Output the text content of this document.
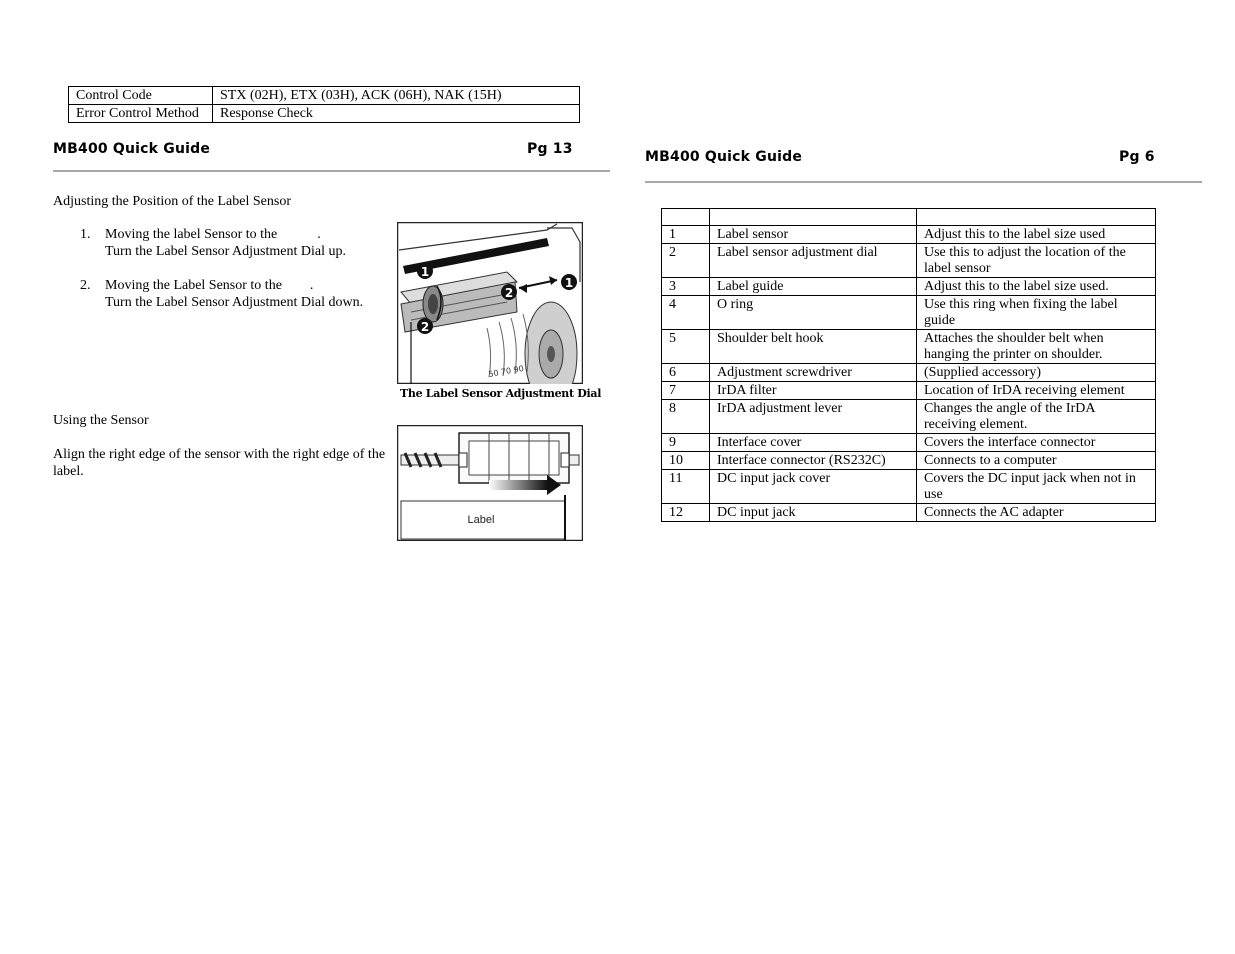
Control Code	STX (02H), ETX (03H), ACK (06H), NAK (15H)
Error Control Method	Response Check
MB400 Quick Guide	Pg 13
Adjusting the Position of the Label Sensor
1. Moving the label Sensor to the	.
Turn the Label Sensor Adjustment Dial up.
2. Moving the Label Sensor to the .
Turn the Label Sensor Adjustment Dial down.
1
2
2
1
50 70 90
The Label Sensor Adjustment Dial
Using the Sensor
Align the right edge of the sensor with the right edge of the label.
Label
MB400 Quick Guide	Pg 6

1	Label sensor	Adjust this to the label size used
2	Label sensor adjustment dial	Use this to adjust the location of the label sensor
3	Label guide	Adjust this to the label size used.
4	O ring	Use this ring when fixing the label guide
5	Shoulder belt hook	Attaches the shoulder belt when hanging the printer on shoulder.
6	Adjustment screwdriver	(Supplied accessory)
7	IrDA filter	Location of IrDA receiving element
8	IrDA adjustment lever	Changes the angle of the IrDA receiving element.
9	Interface cover	Covers the interface connector
10	Interface connector (RS232C)	Connects to a computer
11	DC input jack cover	Covers the DC input jack when not in use
12	DC input jack	Connects the AC adapter
